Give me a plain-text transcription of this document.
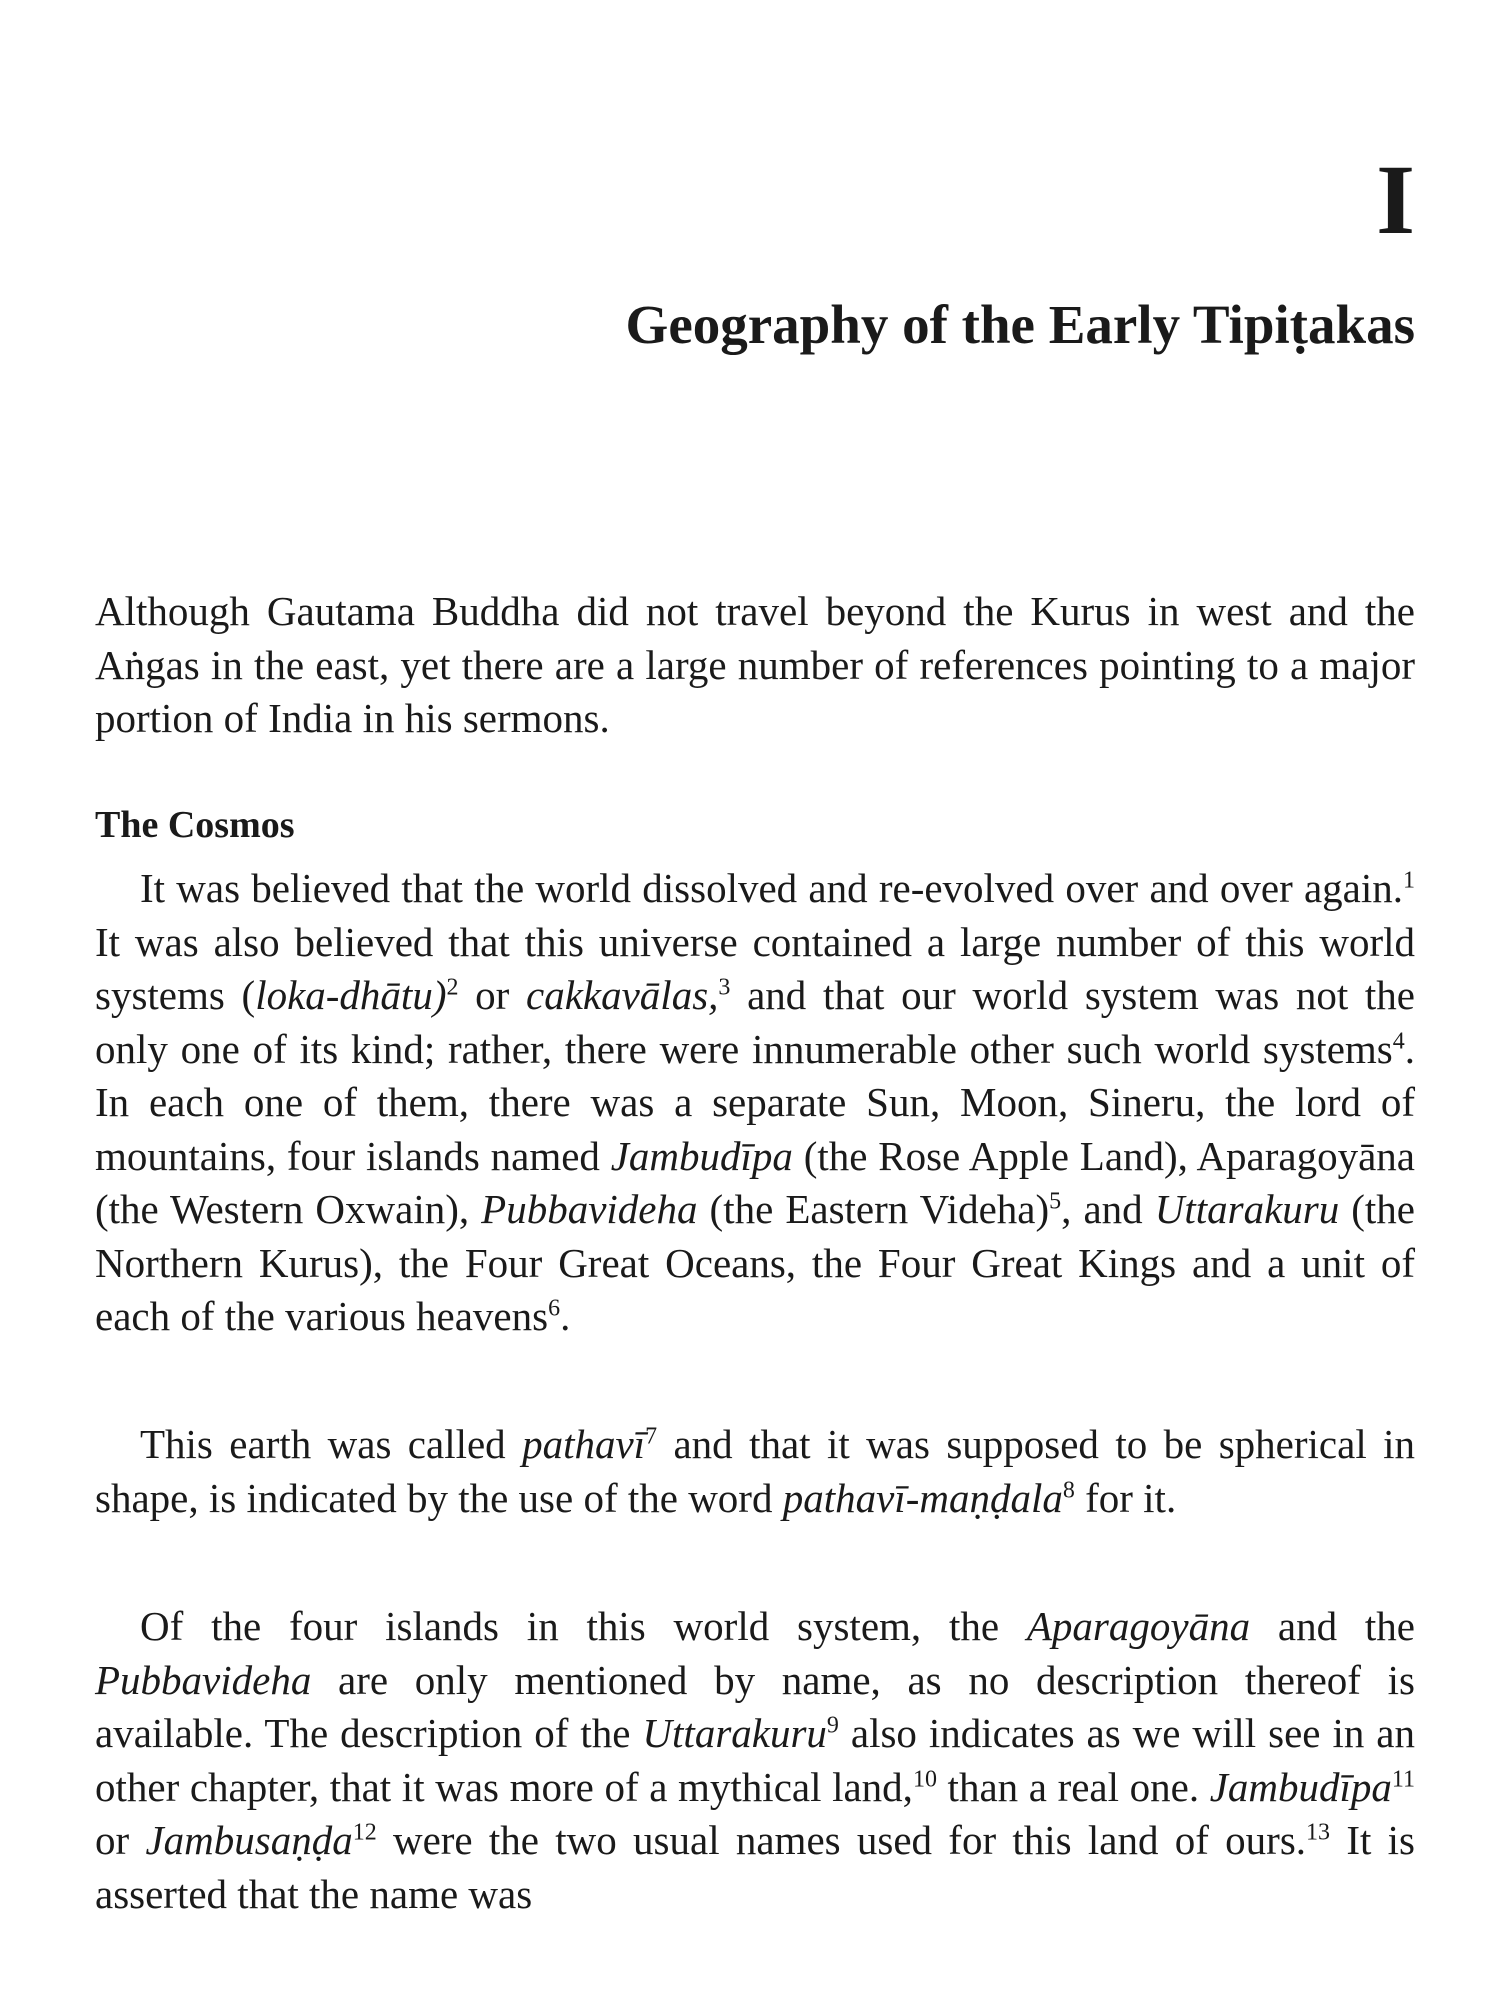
I
Geography of the Early Tipiṭakas

Although Gautama Buddha did not travel beyond the Kurus in west and the Aṅgas in the east, yet there are a large number of references pointing to a major portion of India in his sermons.

The Cosmos

It was believed that the world dissolved and re-evolved over and over again.$^1$ It was also believed that this universe contained a large number of this world systems (loka-dhātu)$^2$ or cakkavālas,$^3$ and that our world system was not the only one of its kind; rather, there were innumerable other such world systems$^4$. In each one of them, there was a separate Sun, Moon, Sineru, the lord of mountains, four islands named Jambudīpa (the Rose Apple Land), Aparagoyāna (the Western Oxwain), Pubbavideha (the Eastern Videha)$^5$, and Uttarakuru (the Northern Kurus), the Four Great Oceans, the Four Great Kings and a unit of each of the various heavens$^6$.

This earth was called pathavī$^7$ and that it was supposed to be spherical in shape, is indicated by the use of the word pathavī-maṇḍala$^8$ for it.

Of the four islands in this world system, the Aparagoyāna and the Pubbavideha are only mentioned by name, as no description thereof is available. The description of the Uttarakuru$^9$ also indicates as we will see in an other chapter, that it was more of a mythical land,$^{10}$ than a real one. Jambudīpa$^{11}$ or Jambusaṇḍa$^{12}$ were the two usual names used for this land of ours.$^{13}$ It is asserted that the name was
